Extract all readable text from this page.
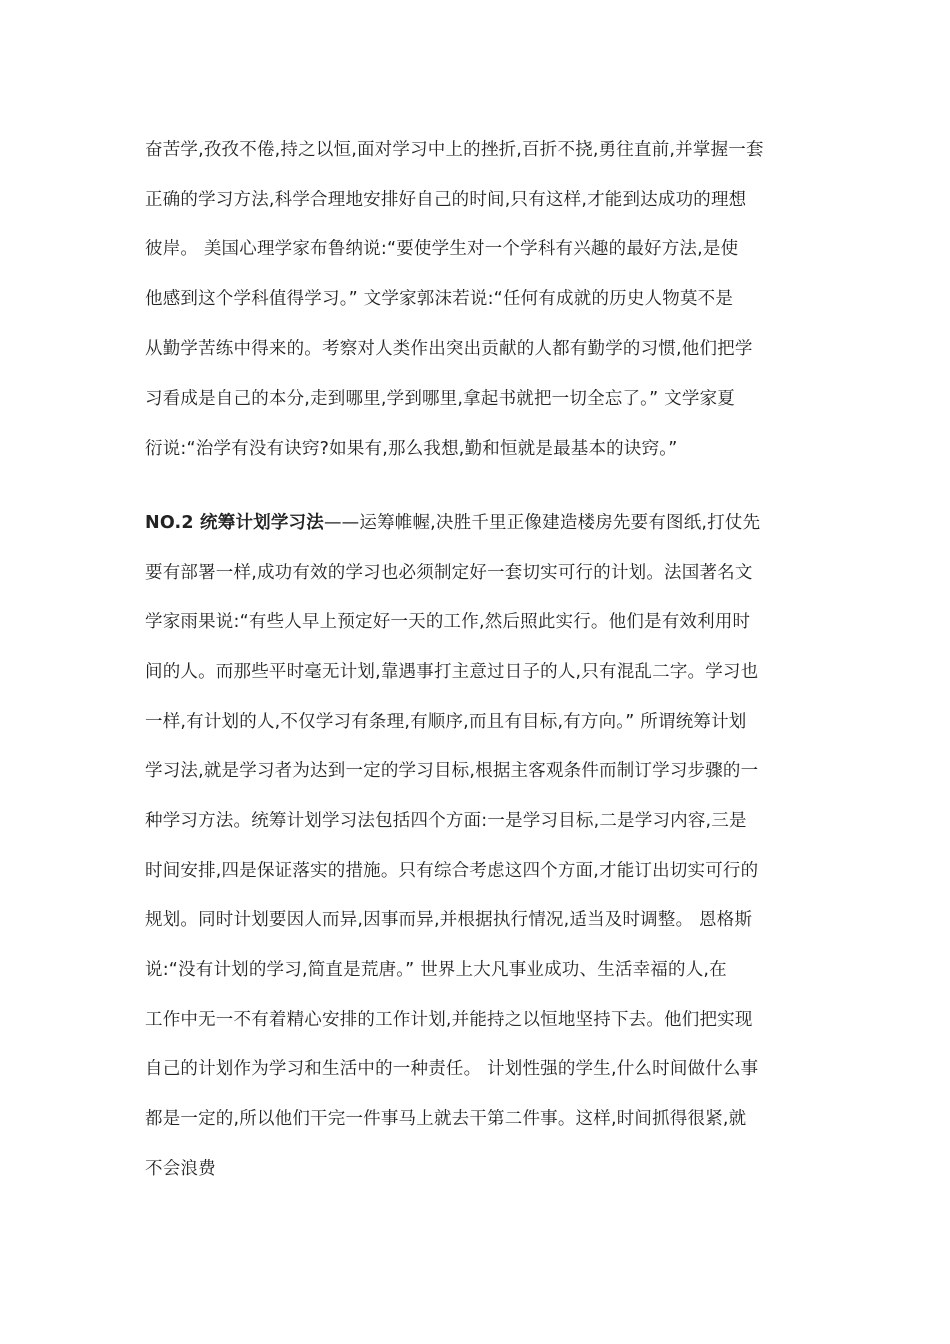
奋苦学,孜孜不倦,持之以恒,面对学习中上的挫折,百折不挠,勇往直前,并掌握一套
正确的学习方法,科学合理地安排好自己的时间,只有这样,才能到达成功的理想
彼岸。 美国心理学家布鲁纳说:“要使学生对一个学科有兴趣的最好方法,是使
他感到这个学科值得学习。” 文学家郭沫若说:“任何有成就的历史人物莫不是
从勤学苦练中得来的。考察对人类作出突出贡献的人都有勤学的习惯,他们把学
习看成是自己的本分,走到哪里,学到哪里,拿起书就把一切全忘了。” 文学家夏
衍说:“治学有没有诀窍?如果有,那么我想,勤和恒就是最基本的诀窍。”
NO.2 统筹计划学习法——运筹帷幄,决胜千里正像建造楼房先要有图纸,打仗先
要有部署一样,成功有效的学习也必须制定好一套切实可行的计划。法国著名文
学家雨果说:“有些人早上预定好一天的工作,然后照此实行。他们是有效利用时
间的人。而那些平时毫无计划,靠遇事打主意过日子的人,只有混乱二字。学习也
一样,有计划的人,不仅学习有条理,有顺序,而且有目标,有方向。” 所谓统筹计划
学习法,就是学习者为达到一定的学习目标,根据主客观条件而制订学习步骤的一
种学习方法。统筹计划学习法包括四个方面:一是学习目标,二是学习内容,三是
时间安排,四是保证落实的措施。只有综合考虑这四个方面,才能订出切实可行的
规划。同时计划要因人而异,因事而异,并根据执行情况,适当及时调整。 恩格斯
说:“没有计划的学习,简直是荒唐。” 世界上大凡事业成功、生活幸福的人,在
工作中无一不有着精心安排的工作计划,并能持之以恒地坚持下去。他们把实现
自己的计划作为学习和生活中的一种责任。 计划性强的学生,什么时间做什么事
都是一定的,所以他们干完一件事马上就去干第二件事。这样,时间抓得很紧,就
不会浪费
